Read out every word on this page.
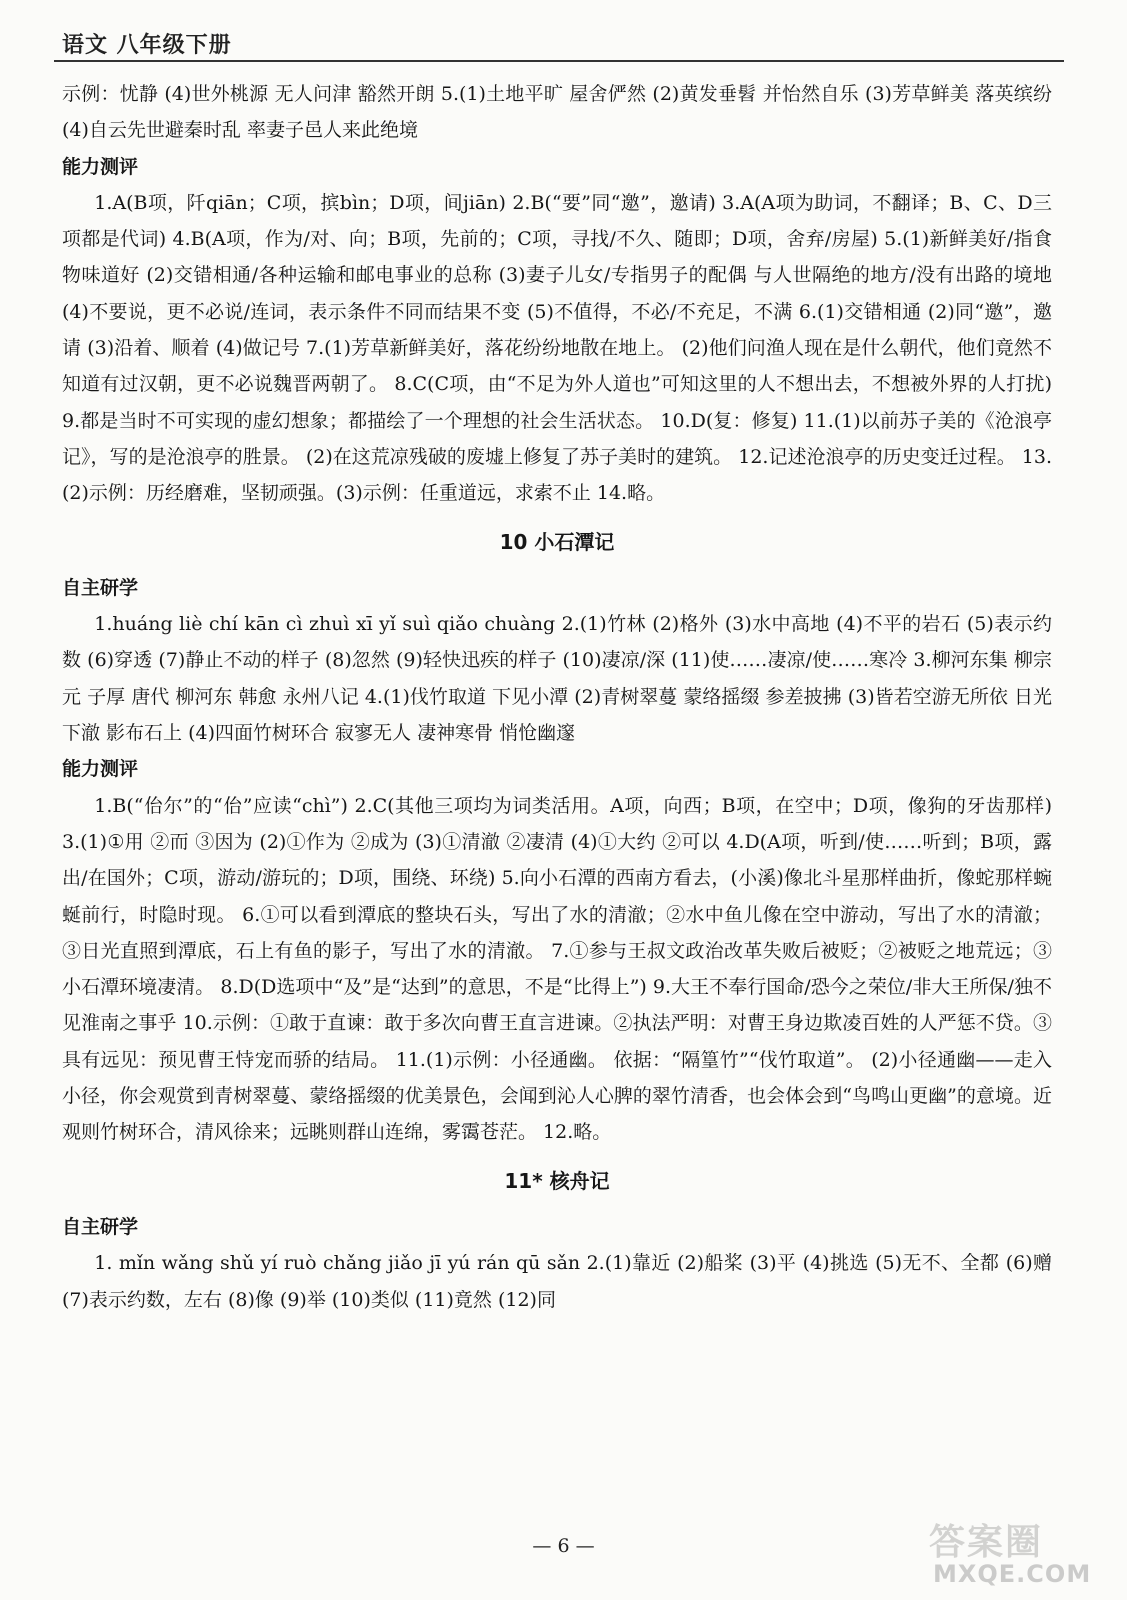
语文 八年级下册

示例：忧静 (4)世外桃源 无人问津 豁然开朗 5.(1)土地平旷 屋舍俨然 (2)黄发垂髫 并怡然自乐 (3)芳草鲜美 落英缤纷 (4)自云先世避秦时乱 率妻子邑人来此绝境

能力测评

1.A(B项，阡qiān；C项，摈bìn；D项，间jiān) 2.B(“要”同“邀”，邀请) 3.A(A项为助词，不翻译；B、C、D三项都是代词) 4.B(A项，作为/对、向；B项，先前的；C项，寻找/不久、随即；D项，舍弃/房屋) 5.(1)新鲜美好/指食物味道好 (2)交错相通/各种运输和邮电事业的总称 (3)妻子儿女/专指男子的配偶 与人世隔绝的地方/没有出路的境地 (4)不要说，更不必说/连词，表示条件不同而结果不变 (5)不值得，不必/不充足，不满 6.(1)交错相通 (2)同“邀”，邀请 (3)沿着、顺着 (4)做记号 7.(1)芳草新鲜美好，落花纷纷地散在地上。 (2)他们问渔人现在是什么朝代，他们竟然不知道有过汉朝，更不必说魏晋两朝了。 8.C(C项，由“不足为外人道也”可知这里的人不想出去，不想被外界的人打扰) 9.都是当时不可实现的虚幻想象；都描绘了一个理想的社会生活状态。 10.D(复：修复) 11.(1)以前苏子美的《沧浪亭记》，写的是沧浪亭的胜景。 (2)在这荒凉残破的废墟上修复了苏子美时的建筑。 12.记述沧浪亭的历史变迁过程。 13.(2)示例：历经磨难，坚韧顽强。(3)示例：任重道远，求索不止 14.略。

10 小石潭记

自主研学

1.huáng liè chí kān cì zhuì xī yǐ suì qiǎo chuàng 2.(1)竹林 (2)格外 (3)水中高地 (4)不平的岩石 (5)表示约数 (6)穿透 (7)静止不动的样子 (8)忽然 (9)轻快迅疾的样子 (10)凄凉/深 (11)使……凄凉/使……寒冷 3.柳河东集 柳宗元 子厚 唐代 柳河东 韩愈 永州八记 4.(1)伐竹取道 下见小潭 (2)青树翠蔓 蒙络摇缀 参差披拂 (3)皆若空游无所依 日光下澈 影布石上 (4)四面竹树环合 寂寥无人 凄神寒骨 悄怆幽邃

能力测评

1.B(“佁尔”的“佁”应读“chì”) 2.C(其他三项均为词类活用。A项，向西；B项，在空中；D项，像狗的牙齿那样) 3.(1)①用 ②而 ③因为 (2)①作为 ②成为 (3)①清澈 ②凄清 (4)①大约 ②可以 4.D(A项，听到/使……听到；B项，露出/在国外；C项，游动/游玩的；D项，围绕、环绕) 5.向小石潭的西南方看去，(小溪)像北斗星那样曲折，像蛇那样蜿蜒前行，时隐时现。 6.①可以看到潭底的整块石头，写出了水的清澈；②水中鱼儿像在空中游动，写出了水的清澈；③日光直照到潭底，石上有鱼的影子，写出了水的清澈。 7.①参与王叔文政治改革失败后被贬；②被贬之地荒远；③小石潭环境凄清。 8.D(D选项中“及”是“达到”的意思，不是“比得上”) 9.大王不奉行国命/恐今之荣位/非大王所保/独不见淮南之事乎 10.示例：①敢于直谏：敢于多次向曹王直言进谏。②执法严明：对曹王身边欺凌百姓的人严惩不贷。③具有远见：预见曹王恃宠而骄的结局。 11.(1)示例：小径通幽。 依据：“隔篁竹”“伐竹取道”。 (2)小径通幽——走入小径，你会观赏到青树翠蔓、蒙络摇缀的优美景色，会闻到沁人心脾的翠竹清香，也会体会到“鸟鸣山更幽”的意境。近观则竹树环合，清风徐来；远眺则群山连绵，雾霭苍茫。 12.略。

11* 核舟记

自主研学

1. mǐn wǎng shǔ yí ruò chǎng jiǎo jī yú rán qū sǎn 2.(1)靠近 (2)船桨 (3)平 (4)挑选 (5)无不、全都 (6)赠 (7)表示约数，左右 (8)像 (9)举 (10)类似 (11)竟然 (12)同

— 6 —	答案圈
MXQE.COM
